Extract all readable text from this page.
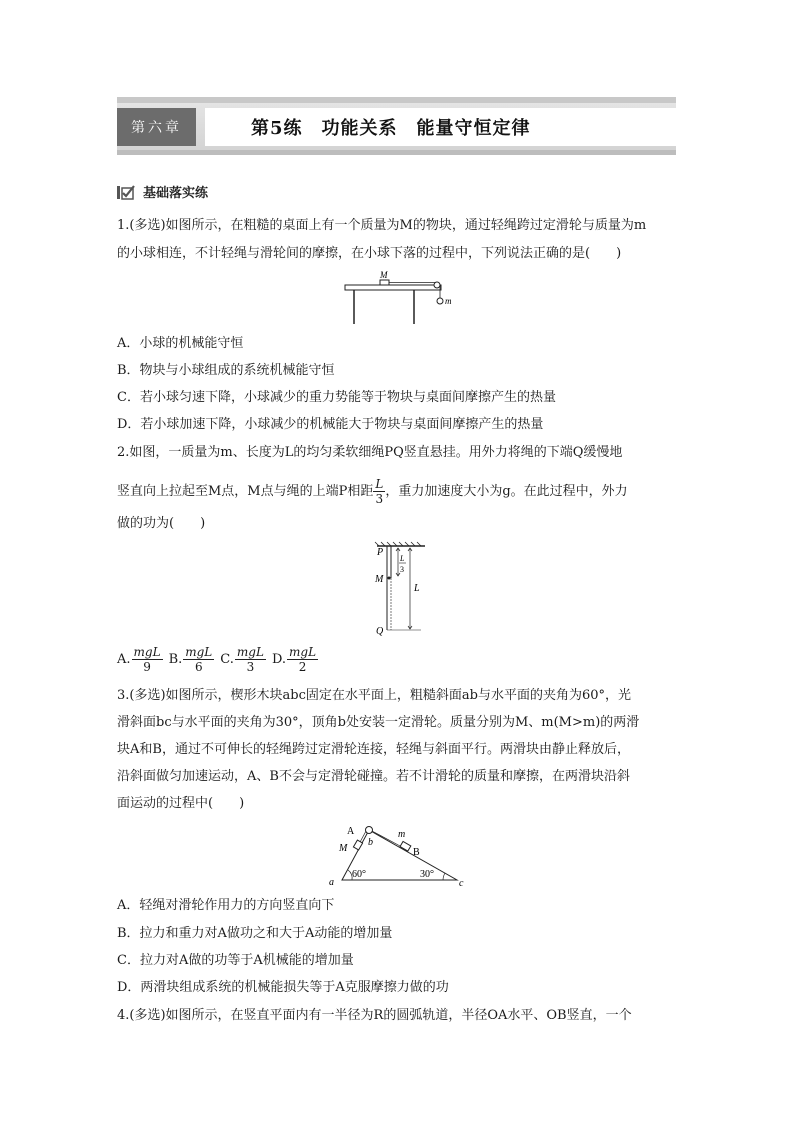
第六章	第5练　功能关系　能量守恒定律
基础落实练
1.(多选)如图所示，在粗糙的桌面上有一个质量为M的物块，通过轻绳跨过定滑轮与质量为m
的小球相连，不计轻绳与滑轮间的摩擦，在小球下落的过程中，下列说法正确的是(　　)
M
m
A．小球的机械能守恒
B．物块与小球组成的系统机械能守恒
C．若小球匀速下降，小球减少的重力势能等于物块与桌面间摩擦产生的热量
D．若小球加速下降，小球减少的机械能大于物块与桌面间摩擦产生的热量
2.如图，一质量为m、长度为L的均匀柔软细绳PQ竖直悬挂。用外力将绳的下端Q缓慢地
竖直向上拉起至M点，M点与绳的上端P相距 $\frac{L}{3}$ ，重力加速度大小为g。在此过程中，外力
做的功为(　　)
P
M
Q
L
L
3
A. $\frac{\text{mgL}}{9} B$. $\frac{\text{mgL}}{6} C$. $\frac{\text{mgL}}{3} D$. $\frac{\text{mgL}}{2}$
3.(多选)如图所示，楔形木块abc固定在水平面上，粗糙斜面ab与水平面的夹角为60°，光
滑斜面bc与水平面的夹角为30°，顶角b处安装一定滑轮。质量分别为M、m(M>m)的两滑
块A和B，通过不可伸长的轻绳跨过定滑轮连接，轻绳与斜面平行。两滑块由静止释放后，
沿斜面做匀加速运动，A、B不会与定滑轮碰撞。若不计滑轮的质量和摩擦，在两滑块沿斜
面运动的过程中(　　)
A
M
b
m
B
a	c
60°	30°
A．轻绳对滑轮作用力的方向竖直向下
B．拉力和重力对A做功之和大于A动能的增加量
C．拉力对A做的功等于A机械能的增加量
D．两滑块组成系统的机械能损失等于A克服摩擦力做的功
4.(多选)如图所示，在竖直平面内有一半径为R的圆弧轨道，半径OA水平、OB竖直，一个
